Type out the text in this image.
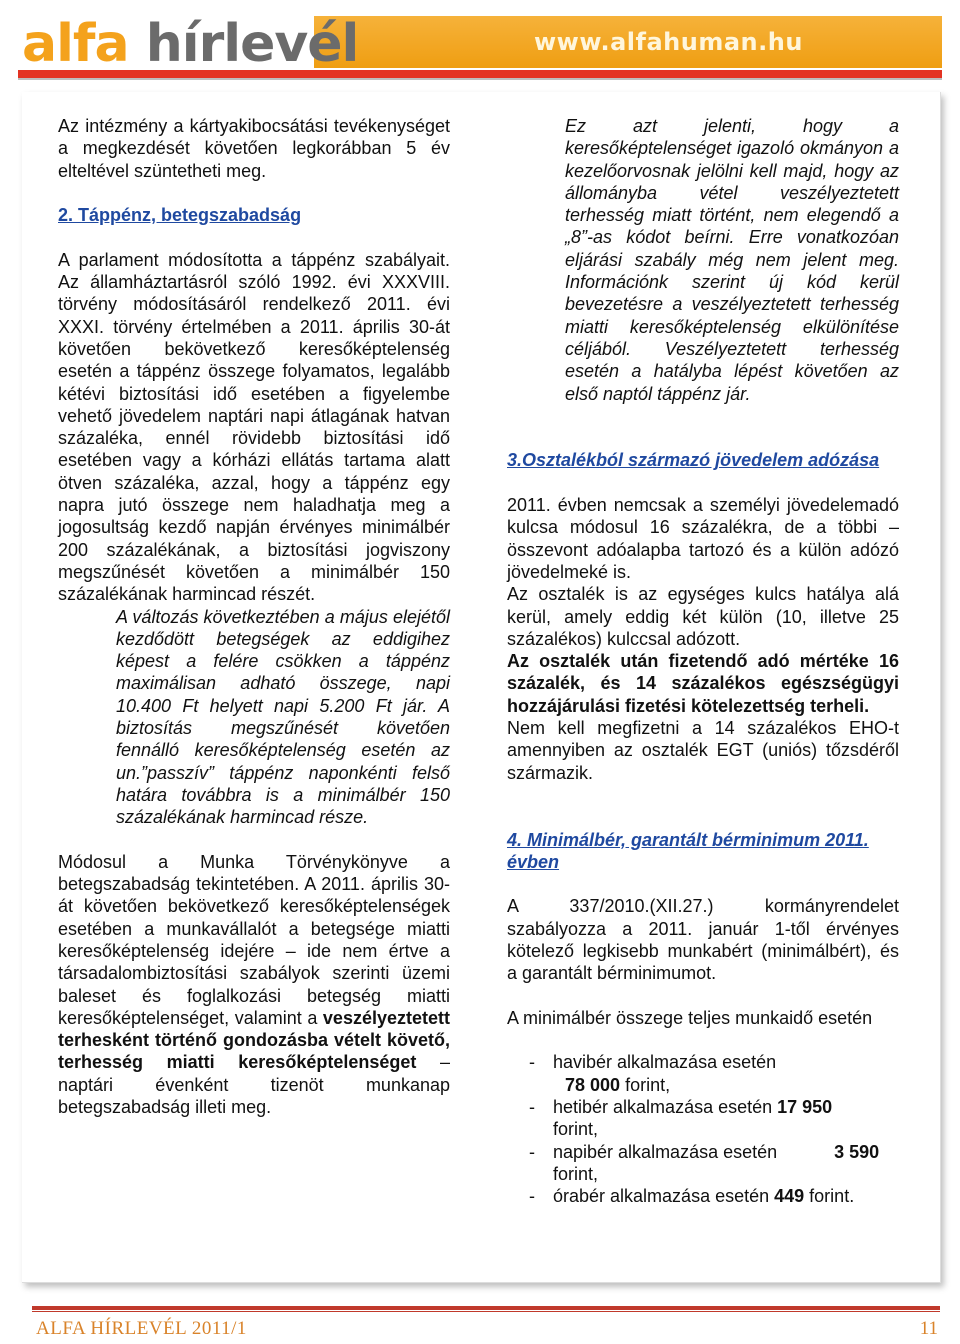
www.alfahuman.hu
alfa hírlevél

Az intézmény a kártyakibocsátási tevékenységet a megkezdését követően legkorábban 5 év elteltével szüntetheti meg.

2. Táppénz, betegszabadság

A parlament módosította a táppénz szabályait. Az államháztartásról szóló 1992. évi XXXVIII. törvény módosításáról rendelkező 2011. évi XXXI. törvény értelmében a 2011. április 30-át követően bekövetkező keresőképtelenség esetén a táppénz összege folyamatos, legalább kétévi biztosítási idő esetében a figyelembe vehető jövedelem naptári napi átlagának hatvan százaléka, ennél rövidebb biztosítási idő esetében vagy a kórházi ellátás tartama alatt ötven százaléka, azzal, hogy a táppénz egy napra jutó összege nem haladhatja meg a jogosultság kezdő napján érvényes minimálbér 200 százalékának, a biztosítási jogviszony megszűnését követően a minimálbér 150 százalékának harmincad részét.

A változás következtében a május elejétől kezdődött betegségek az eddigihez képest a felére csökken a táppénz maximálisan adható összege, napi 10.400 Ft helyett napi 5.200 Ft jár. A biztosítás megszűnését követően fennálló keresőképtelenség esetén az un.”passzív” táppénz naponkénti felső határa továbbra is a minimálbér 150 százalékának harmincad része.

Módosul a Munka Törvénykönyve a betegszabadság tekintetében. A 2011. április 30-át követően bekövetkező keresőképtelenségek esetében a munkavállalót a betegsége miatti keresőképtelenség idejére – ide nem értve a társadalombiztosítási szabályok szerinti üzemi baleset és foglalkozási betegség miatti keresőképtelenséget, valamint a veszélyeztetett terhesként történő gondozásba vételt követő, terhesség miatti keresőképtelenséget – naptári évenként tizenöt munkanap betegszabadság illeti meg.

Ez azt jelenti, hogy a keresőképtelenséget igazoló okmányon a kezelőorvosnak jelölni kell majd, hogy az állományba vétel veszélyeztetett terhesség miatt történt, nem elegendő a „8”-as kódot beírni. Erre vonatkozóan eljárási szabály még nem jelent meg. Információnk szerint új kód kerül bevezetésre a veszélyeztetett terhesség miatti keresőképtelenség elkülönítése céljából. Veszélyeztetett terhesség esetén a hatályba lépést követően az első naptól táppénz jár.

3.Osztalékból származó jövedelem adózása

2011. évben nemcsak a személyi jövedelemadó kulcsa módosul 16 százalékra, de a többi – összevont adóalapba tartozó és a külön adózó jövedelmeké is.

Az osztalék is az egységes kulcs hatálya alá kerül, amely eddig két külön (10, illetve 25 százalékos) kulccsal adózott.

Az osztalék után fizetendő adó mértéke 16 százalék, és 14 százalékos egészségügyi hozzájárulási fizetési kötelezettség terheli.

Nem kell megfizetni a 14 százalékos EHO-t amennyiben az osztalék EGT (uniós) tőzsdéről származik.

4. Minimálbér, garantált bérminimum 2011. évben

A 337/2010.(XII.27.) kormányrendelet szabályozza a 2011. január 1-től érvényes kötelező legkisebb munkabért (minimálbért), és a garantált bérminimumot.

A minimálbér összege teljes munkaidő esetén

- havibér alkalmazása esetén
78 000 forint,
- hetibér alkalmazása esetén 17 950
forint,
- napibér alkalmazása esetén	3 590
forint,
- órabér alkalmazása esetén 449 forint.
ALFA HÍRLEVÉL 2011/1	11
